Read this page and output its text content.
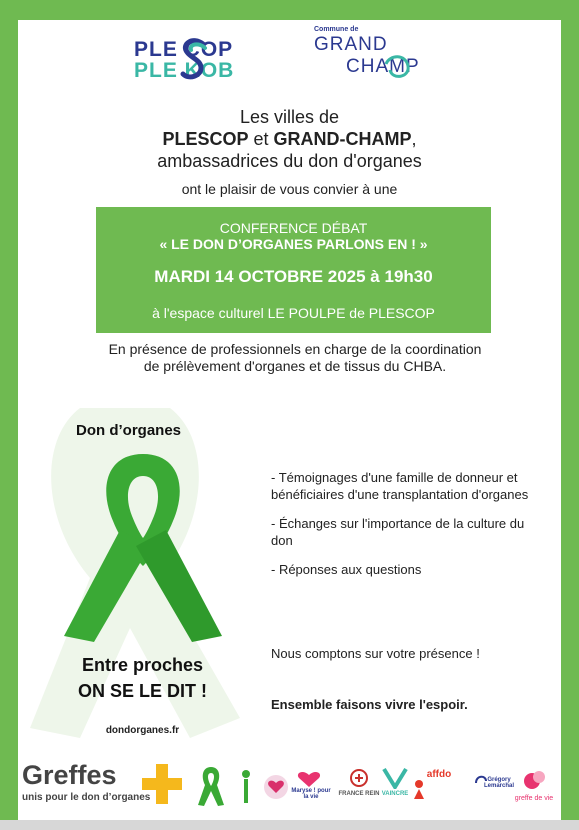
PLE COP
PLE KOB
Commune de
GRAND
CHAMP
Les villes de
PLESCOP et GRAND-CHAMP,
ambassadrices du don d'organes
ont le plaisir de vous convier à une
CONFERENCE DÉBAT
« LE DON D’ORGANES PARLONS EN ! »
MARDI 14 OCTOBRE 2025 à 19h30
à l'espace culturel LE POULPE de PLESCOP
En présence de professionnels en charge de la coordination de prélèvement d'organes et de tissus du CHBA.
Don d’organes
Entre proches
ON SE LE DIT !
dondorganes.fr
- Témoignages d'une famille de donneur et bénéficiaires d'une transplantation d'organes
- Échanges sur l'importance de la culture du don
- Réponses aux questions
Nous comptons sur votre présence !
Ensemble faisons vivre l'espoir.
Greffes
unis pour le don d’organes
Maryse ! pour la vie	FRANCE REIN VAINCRE
affdo	Grégory Lemarchal
greffe de vie
